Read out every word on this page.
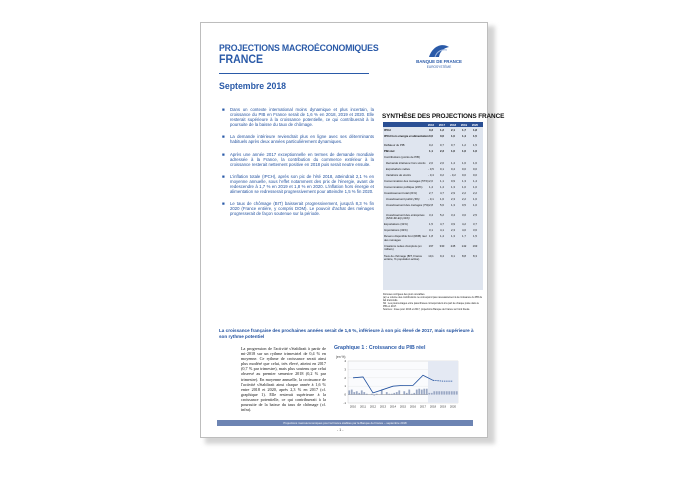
PROJECTIONS MACROÉCONOMIQUES
FRANCE	BANQUE DE FRANCE
EUROSYSTÈME
Septembre 2018
■ Dans un contexte international moins dynamique et plus incertain, la croissance du PIB en France serait de 1,6 % en 2018, 2019 et 2020. Elle resterait supérieure à la croissance potentielle, ce qui contribuerait à la poursuite de la baisse du taux de chômage.
■ La demande intérieure reviendrait plus en ligne avec ses déterminants habituels après deux années particulièrement dynamiques.
■ Après une année 2017 exceptionnelle en termes de demande mondiale adressée à la France, la contribution du commerce extérieur à la croissance resterait nettement positive en 2018 puis serait neutre ensuite.
■ L'inflation totale (IPCH), après son pic de l'été 2018, atteindrait 2,1 % en moyenne annuelle, sous l'effet notamment des prix de l'énergie, avant de redescendre à 1,7 % en 2019 et 1,8 % en 2020. L'inflation hors énergie et alimentation se redresserait progressivement pour atteindre 1,5 % fin 2020.
■ Le taux de chômage (BIT) baisserait progressivement, jusqu'à 8,3 % fin 2020 (France entière, y compris DOM). Le pouvoir d'achat des ménages progresserait de façon soutenue sur la période.
SYNTHÈSE DES PROJECTIONS FRANCE
2016	2017	2018	2019	2020
IPCH	0,3	1,2	2,1	1,7	1,8
IPCH hors énergie et alimentation 0,6	0,6	1,0	1,4	1,5
Déflateur du PIB	0,2	0,7	0,7	1,2	1,5
PIB réel	1,1	2,3	1,6	1,6	1,6
Contributions (points de PIB)
Demande intérieure hors stocks	2,0	2,0	1,4	1,6	1,6
Exportations nettes	- 0,5	0,1	0,4	0,0	0,0
Variations de stocks	- 0,4	0,2	- 0,2	0,0	0,0
Consommation des ménages (57%) 2,0	1,1	0,9	1,3	1,4
Consommation publique (24%)	1,4	1,4	1,3	1,0	1,0
Investissement total (21%)	2,7	4,7	2,9	2,2	2,2
Investissement public (3%)	- 0,1	1,6	2,3	2,2	1,6
Investissement des ménages (7%) 2,8	5,6	1,3	0,5	1,0
Investissement des entreprises (SNF-SF-EI) (11%)
3,4	5,2	3,4	3,0	2,5
Exportations (31%)	1,5	4,7	3,9	4,2	3,7
Importations (32%)	3,1	4,1	2,3	4,0	3,6
Revenu disponible brut (RDB) réel des ménages
1,8	1,4	1,3	1,7	1,5
Créations nettes d'emplois (en milliers)
197	330	245	142	163
Taux de chômage (BIT, France entière, % population active)
10,1	9,4	9,1	8,8	8,3
Données corrigées des jours ouvrables.
(a) Le volume des contributions ne correspond pas nécessairement à la croissance du PIB du fait d'arrondis.
Nb : Les pourcentages entre parenthèses correspondent à la part de chaque poste dans le PIB en 2017.
Sources : Insee pour 2016 et 2017, projections Banque de France sur fond bleuté.
La croissance française des prochaines années serait de 1,6 %, inférieure à son pic élevé de 2017, mais supérieure à son rythme potentiel
La progression de l'activité s'établirait à partir de mi-2018 sur un rythme trimestriel de 0,4 % en moyenne. Ce rythme de croissance serait ainsi plus modéré que celui, très élevé, atteint en 2017 (0,7 % par trimestre), mais plus soutenu que celui observé au premier semestre 2018 (0,2 % par trimestre). En moyenne annuelle, la croissance de l'activité s'établirait ainsi chaque année à 1,6 % entre 2018 et 2020, après 2,3 % en 2017 (cf. graphique 1). Elle resterait supérieure à la croissance potentielle, ce qui contribuerait à la poursuite de la baisse du taux de chômage (cf. infra).
Graphique 1 : Croissance du PIB réel
(en %)
-1
0
1
2
3
4
2010 2011 2012 2013 2014 2015 2016 2017 2018 2019 2020
Projections macroéconomiques pour la France établies par la Banque de France – septembre 2018
- 1 -
